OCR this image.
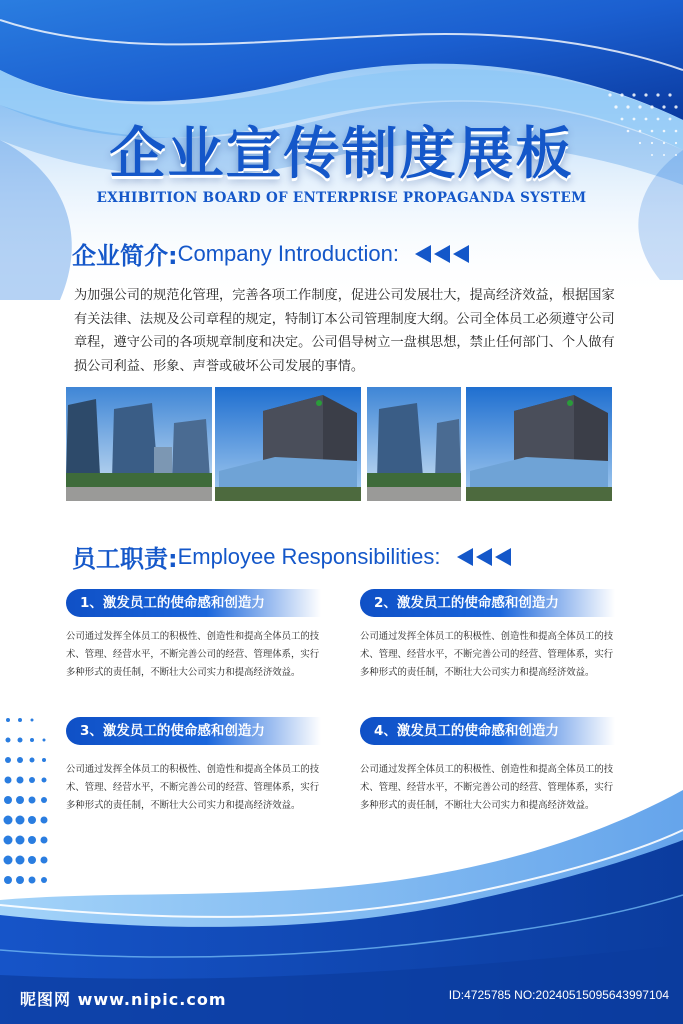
企业宣传制度展板
EXHIBITION BOARD OF ENTERPRISE PROPAGANDA SYSTEM
企业简介: Company Introduction:
为加强公司的规范化管理，完善各项工作制度，促进公司发展壮大，提高经济效益，根据国家有关法律、法规及公司章程的规定，特制订本公司管理制度大纲。公司全体员工必须遵守公司章程，遵守公司的各项规章制度和决定。公司倡导树立一盘棋思想，禁止任何部门、个人做有损公司利益、形象、声誉或破坏公司发展的事情。
员工职责: Employee Responsibilities:
1、激发员工的使命感和创造力
公司通过发挥全体员工的积极性、创造性和提高全体员工的技术、管理、经营水平，不断完善公司的经营、管理体系，实行多种形式的责任制，不断壮大公司实力和提高经济效益。
2、激发员工的使命感和创造力
公司通过发挥全体员工的积极性、创造性和提高全体员工的技术、管理、经营水平，不断完善公司的经营、管理体系，实行多种形式的责任制，不断壮大公司实力和提高经济效益。
3、激发员工的使命感和创造力
公司通过发挥全体员工的积极性、创造性和提高全体员工的技术、管理、经营水平，不断完善公司的经营、管理体系，实行多种形式的责任制，不断壮大公司实力和提高经济效益。
4、激发员工的使命感和创造力
公司通过发挥全体员工的积极性、创造性和提高全体员工的技术、管理、经营水平，不断完善公司的经营、管理体系，实行多种形式的责任制，不断壮大公司实力和提高经济效益。
昵图网 www.nipic.com	ID:4725785 NO:20240515095643997104
